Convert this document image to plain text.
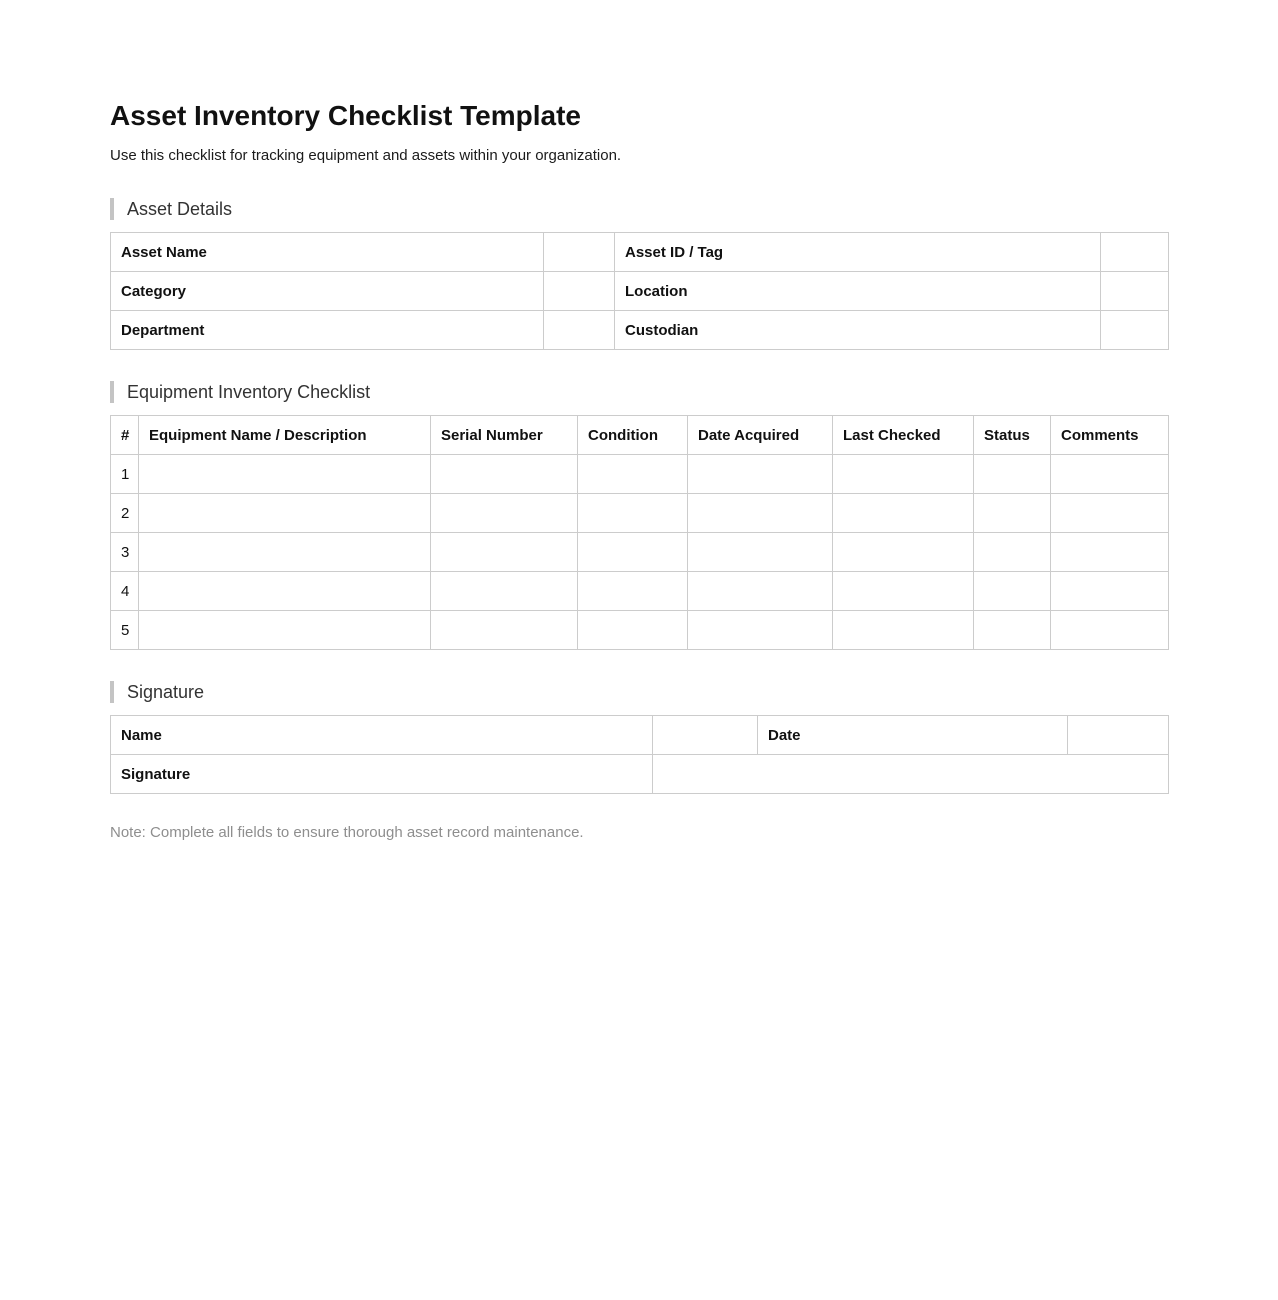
Asset Inventory Checklist Template

Use this checklist for tracking equipment and assets within your organization.

Asset Details
Asset Name		Asset ID / Tag	
Category		Location	
Department		Custodian	
Equipment Inventory Checklist
#	Equipment Name / Description	Serial Number	Condition	Date Acquired	Last Checked	Status	Comments
1							
2							
3							
4							
5							
Signature
Name		Date	
Signature			

Note: Complete all fields to ensure thorough asset record maintenance.
